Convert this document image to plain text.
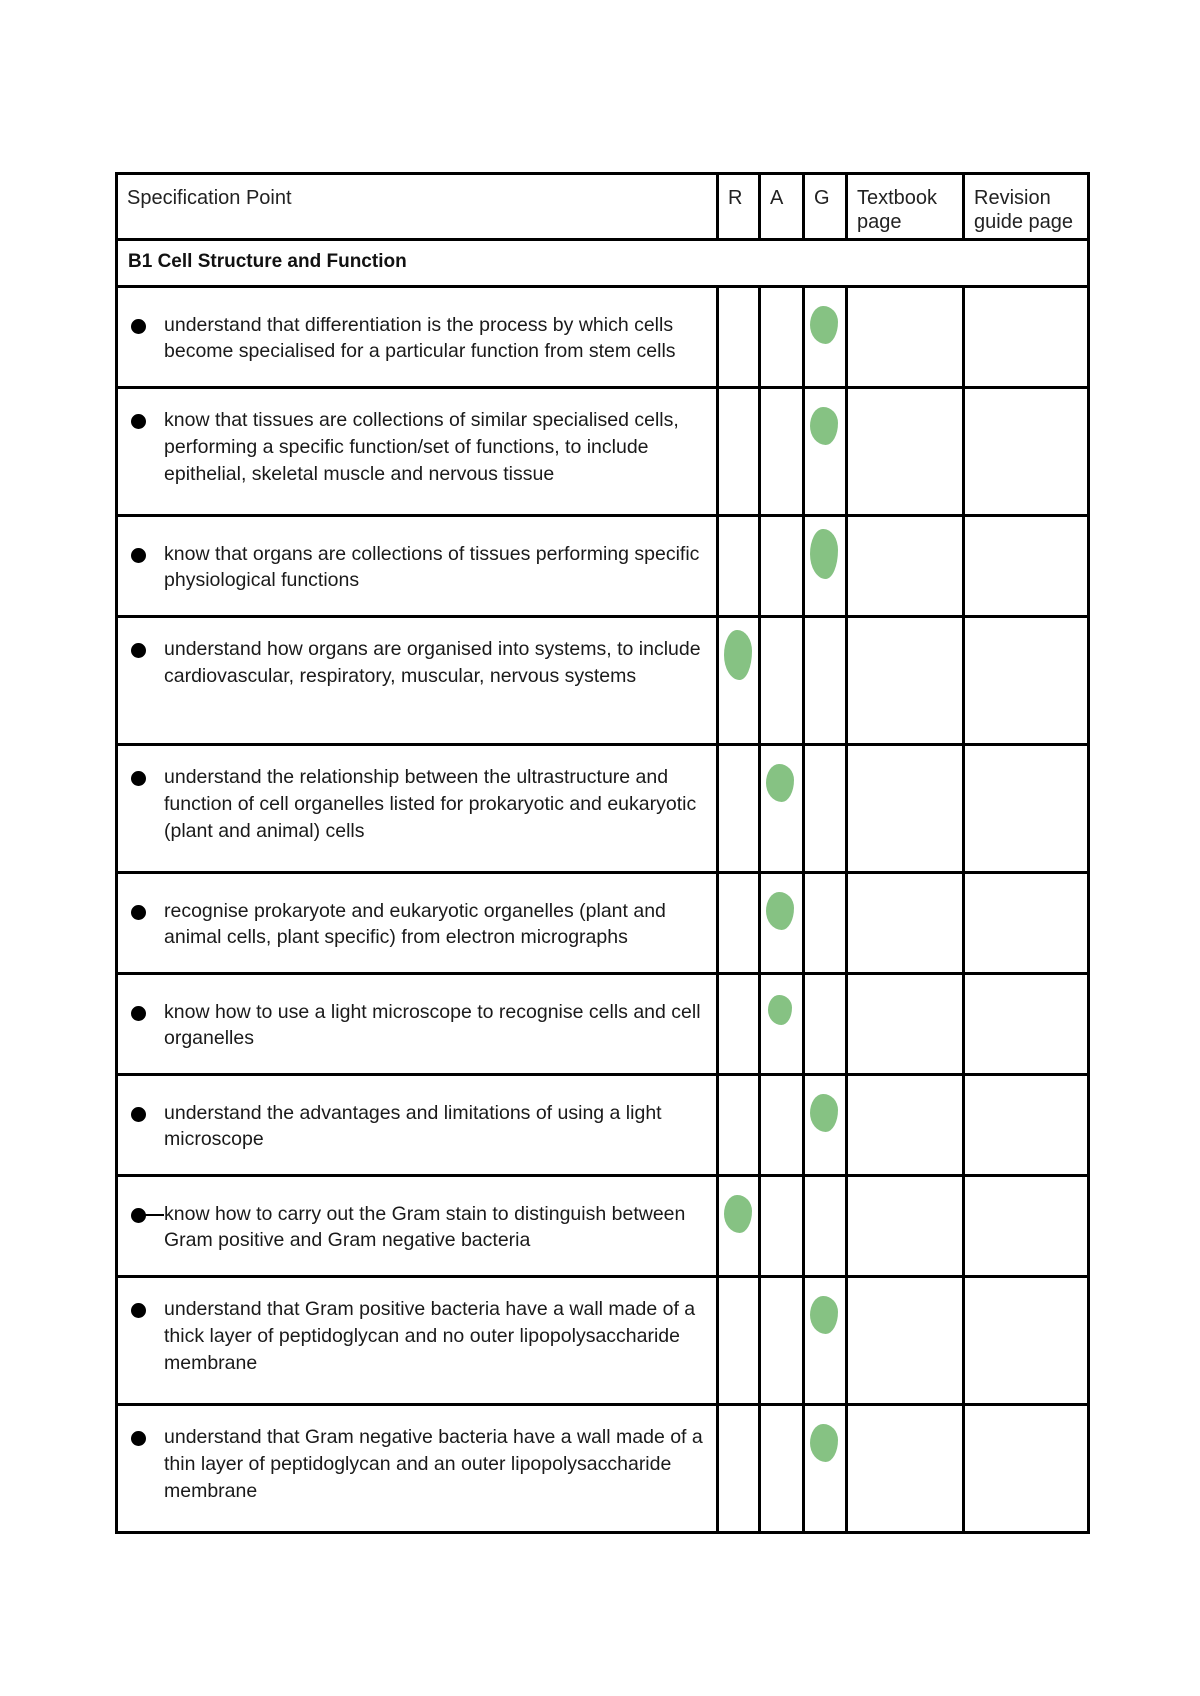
Specification Point	R	A	G	Textbook page	Revision guide page

B1 Cell Structure and Function					

understand that differentiation is the process by which cells become specialised for a particular function from stem cells					

know that tissues are collections of similar specialised cells, performing a specific function/set of functions, to include epithelial, skeletal muscle and nervous tissue					

know that organs are collections of tissues performing specific physiological functions					

understand how organs are organised into systems, to include cardiovascular, respiratory, muscular, nervous systems					

understand the relationship between the ultrastructure and function of cell organelles listed for prokaryotic and eukaryotic (plant and animal) cells					

recognise prokaryote and eukaryotic organelles (plant and animal cells, plant specific) from electron micrographs					

know how to use a light microscope to recognise cells and cell organelles					

understand the advantages and limitations of using a light microscope					

know how to carry out the Gram stain to distinguish between Gram positive and Gram negative bacteria					

understand that Gram positive bacteria have a wall made of a thick layer of peptidoglycan and no outer lipopolysaccharide membrane					

understand that Gram negative bacteria have a wall made of a thin layer of peptidoglycan and an outer lipopolysaccharide membrane					
